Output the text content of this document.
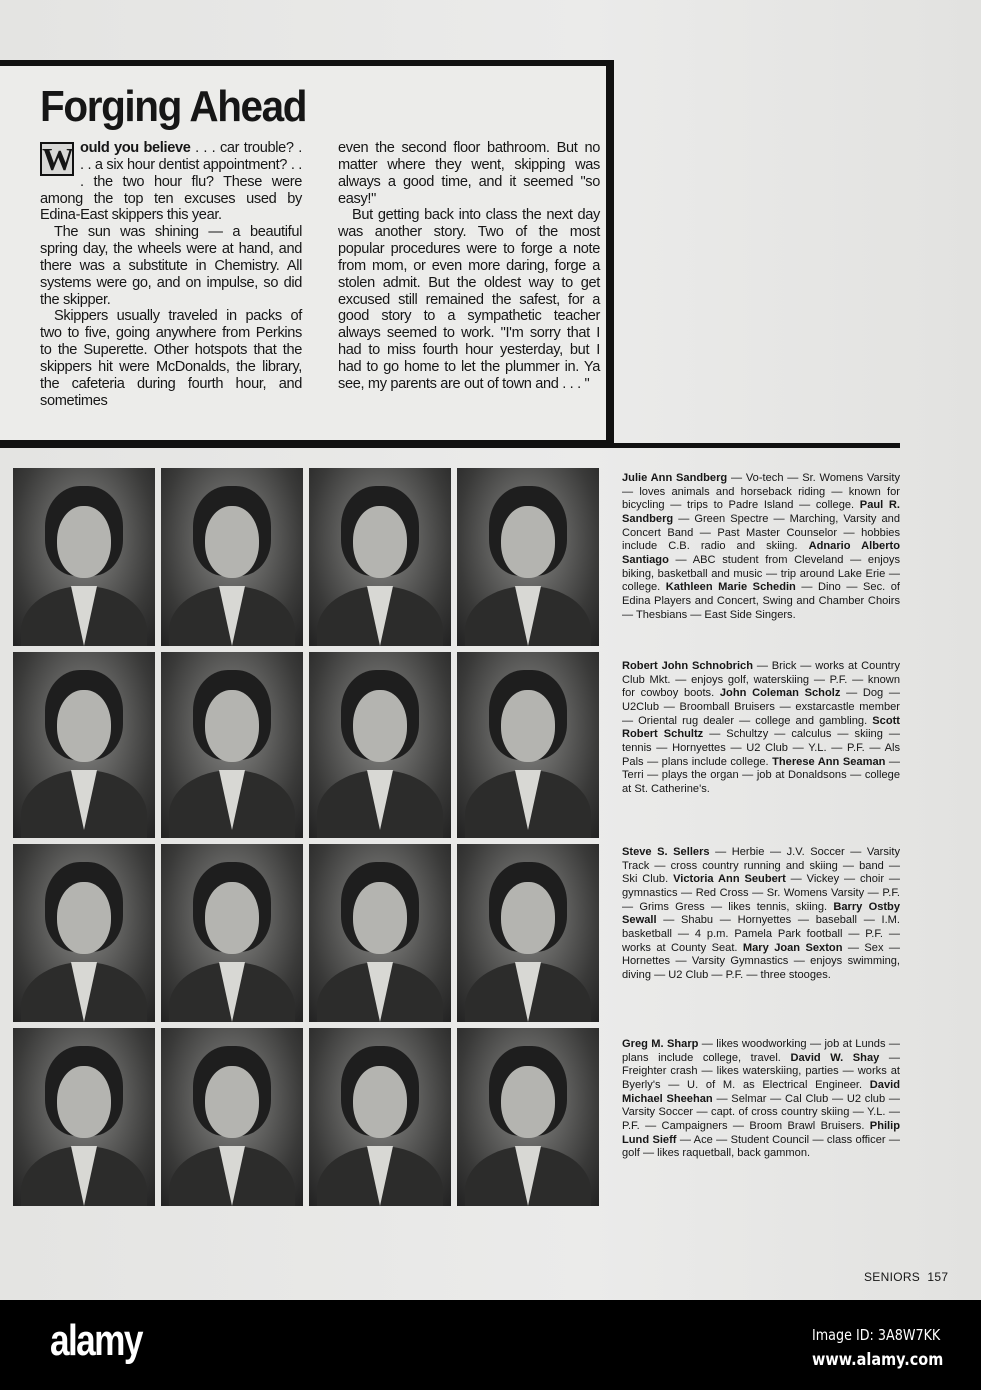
Forging Ahead

W ould you believe . . . car trouble? . . . a six hour dentist appointment? . . . the two hour flu? These were among the top ten excuses used by Edina-East skippers this year.

The sun was shining — a beautiful spring day, the wheels were at hand, and there was a substitute in Chemistry. All systems were go, and on impulse, so did the skipper.

Skippers usually traveled in packs of two to five, going anywhere from Perkins to the Superette. Other hotspots that the skippers hit were McDonalds, the library, the cafeteria during fourth hour, and sometimes

even the second floor bathroom. But no matter where they went, skipping was always a good time, and it seemed "so easy!"

But getting back into class the next day was another story. Two of the most popular procedures were to forge a note from mom, or even more daring, forge a stolen admit. But the oldest way to get excused still remained the safest, for a good story to a sympathetic teacher always seemed to work. "I'm sorry that I had to miss fourth hour yesterday, but I had to go home to let the plummer in. Ya see, my parents are out of town and . . . "

Julie Ann Sandberg — Vo-tech — Sr. Womens Varsity — loves animals and horseback riding — known for bicycling — trips to Padre Island — college. Paul R. Sandberg — Green Spectre — Marching, Varsity and Concert Band — Past Master Counselor — hobbies include C.B. radio and skiing. Adnario Alberto Santiago — ABC student from Cleveland — enjoys biking, basketball and music — trip around Lake Erie — college. Kathleen Marie Schedin — Dino — Sec. of Edina Players and Concert, Swing and Chamber Choirs — Thesbians — East Side Singers.

Robert John Schnobrich — Brick — works at Country Club Mkt. — enjoys golf, waterskiing — P.F. — known for cowboy boots. John Coleman Scholz — Dog — U2Club — Broomball Bruisers — exstarcastle member — Oriental rug dealer — college and gambling. Scott Robert Schultz — Schultzy — calculus — skiing — tennis — Hornyettes — U2 Club — Y.L. — P.F. — Als Pals — plans include college. Therese Ann Seaman — Terri — plays the organ — job at Donaldsons — college at St. Catherine's.

Steve S. Sellers — Herbie — J.V. Soccer — Varsity Track — cross country running and skiing — band — Ski Club. Victoria Ann Seubert — Vickey — choir — gymnastics — Red Cross — Sr. Womens Varsity — P.F. — Grims Gress — likes tennis, skiing. Barry Ostby Sewall — Shabu — Hornyettes — baseball — I.M. basketball — 4 p.m. Pamela Park football — P.F. — works at County Seat. Mary Joan Sexton — Sex — Hornettes — Varsity Gymnastics — enjoys swimming, diving — U2 Club — P.F. — three stooges.

Greg M. Sharp — likes woodworking — job at Lunds — plans include college, travel. David W. Shay — Freighter crash — likes waterskiing, parties — works at Byerly's — U. of M. as Electrical Engineer. David Michael Sheehan — Selmar — Cal Club — U2 club — Varsity Soccer — capt. of cross country skiing — Y.L. — P.F. — Campaigners — Broom Brawl Bruisers. Philip Lund Sieff — Ace — Student Council — class officer — golf — likes raquetball, back gammon.

SENIORS 157
alamy	Image ID: 3A8W7KK
www.alamy.com
